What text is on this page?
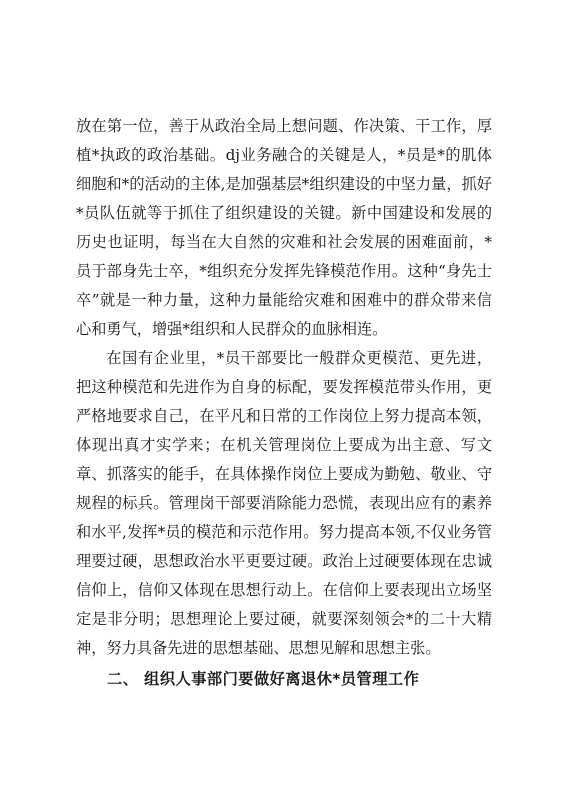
放在第一位，善于从政治全局上想问题、作决策、干工作，厚植*执政的政治基础。dj业务融合的关键是人，*员是*的肌体细胞和*的活动的主体,是加强基层*组织建设的中坚力量，抓好*员队伍就等于抓住了组织建设的关键。新中国建设和发展的历史也证明，每当在大自然的灾难和社会发展的困难面前，*员于部身先士卒，*组织充分发挥先锋模范作用。这种“身先士卒”就是一种力量，这种力量能给灾难和困难中的群众带来信心和勇气，增强*组织和人民群众的血脉相连。

在国有企业里，*员干部要比一般群众更模范、更先进，把这种模范和先进作为自身的标配，要发挥模范带头作用，更严格地要求自己，在平凡和日常的工作岗位上努力提高本领，体现出真才实学来；在机关管理岗位上要成为出主意、写文章、抓落实的能手，在具体操作岗位上要成为勤勉、敬业、守规程的标兵。管理岗干部要消除能力恐慌，表现出应有的素养和水平,发挥*员的模范和示范作用。努力提高本领,不仅业务管理要过硬，思想政治水平更要过硬。政治上过硬要体现在忠诚信仰上，信仰又体现在思想行动上。在信仰上要表现出立场坚定是非分明；思想理论上要过硬，就要深刻领会*的二十大精神，努力具备先进的思想基础、思想见解和思想主张。

二、 组织人事部门要做好离退休*员管理工作
